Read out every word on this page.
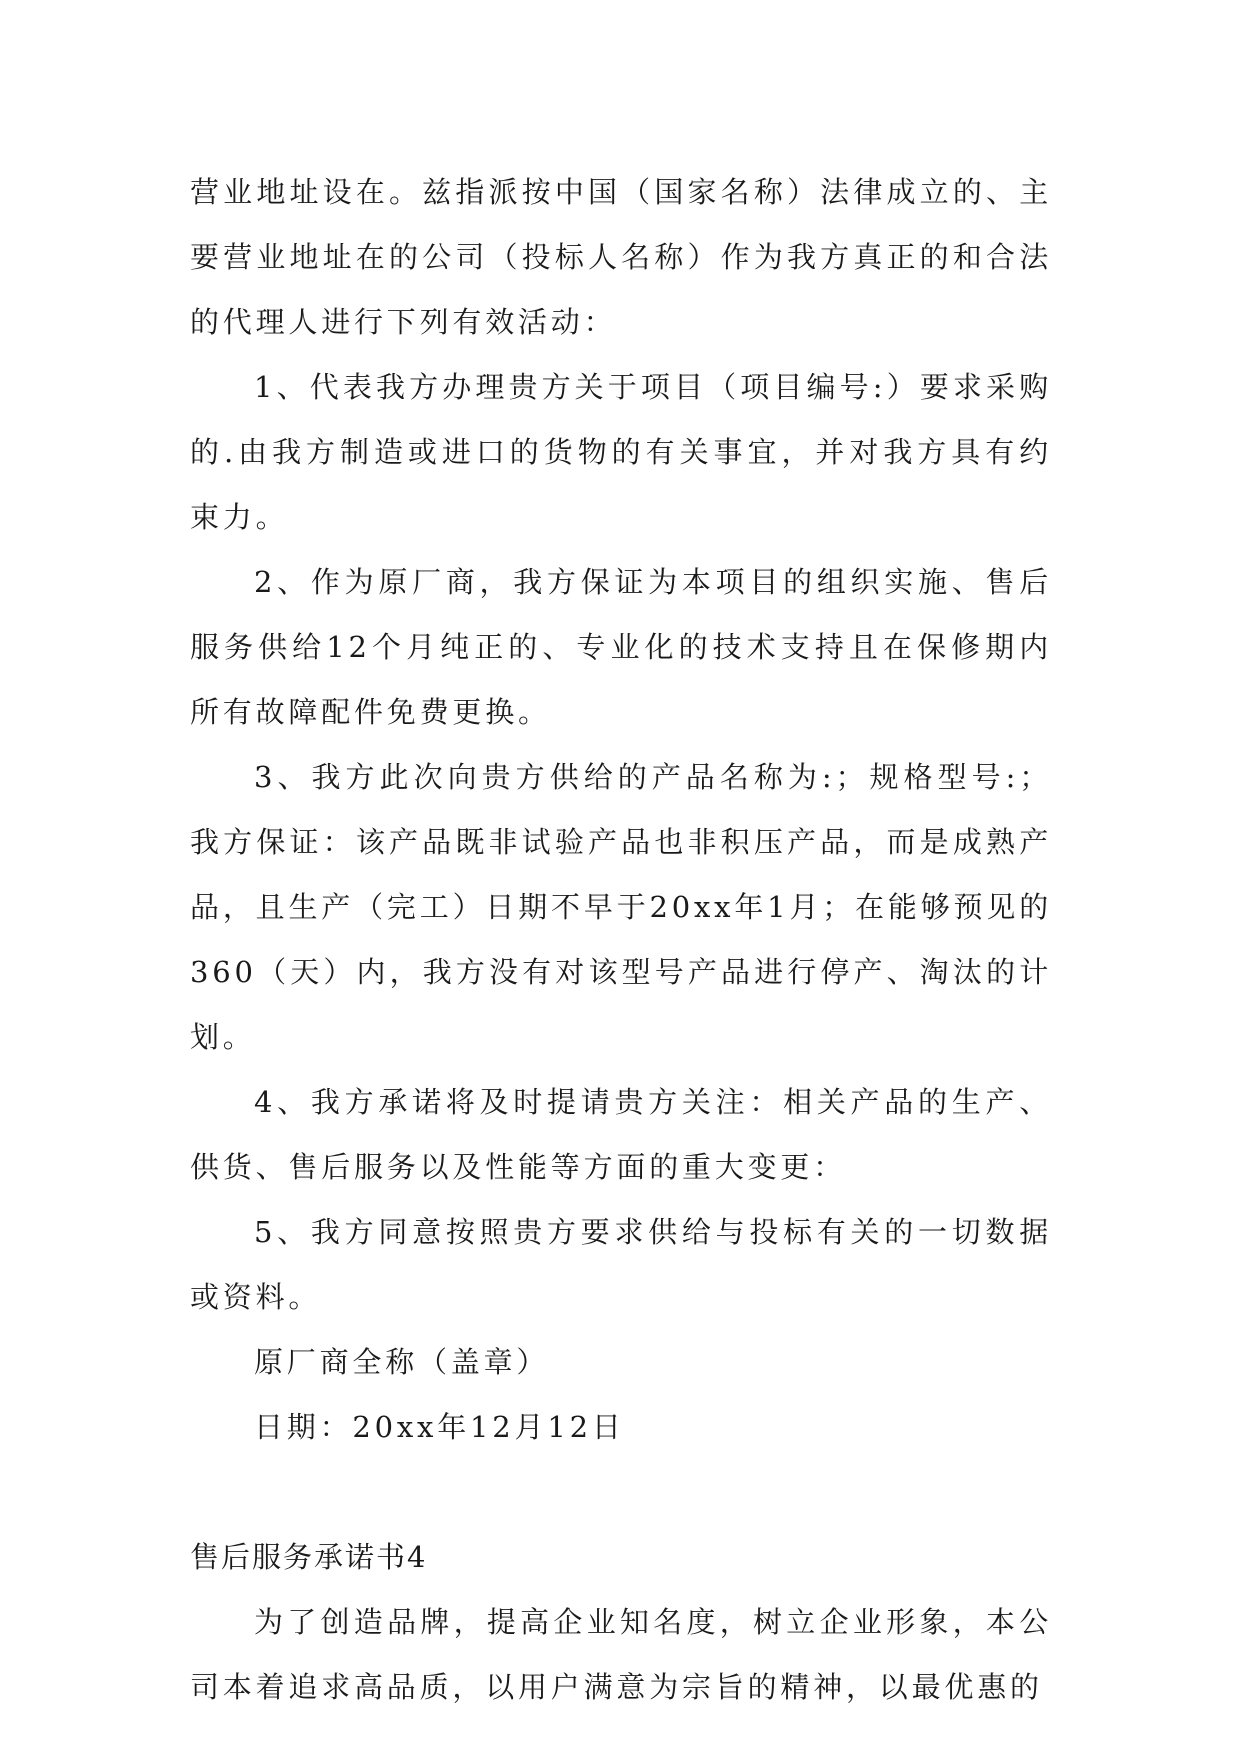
营业地址设在。兹指派按中国（国家名称）法律成立的、主要营业地址在的公司（投标人名称）作为我方真正的和合法的代理人进行下列有效活动：

1、代表我方办理贵方关于项目（项目编号:）要求采购的.由我方制造或进口的货物的有关事宜，并对我方具有约束力。

2、作为原厂商，我方保证为本项目的组织实施、售后服务供给12个月纯正的、专业化的技术支持且在保修期内所有故障配件免费更换。

3、我方此次向贵方供给的产品名称为:；规格型号:；我方保证：该产品既非试验产品也非积压产品，而是成熟产品，且生产（完工）日期不早于20xx年1月；在能够预见的360（天）内，我方没有对该型号产品进行停产、淘汰的计划。

4、我方承诺将及时提请贵方关注：相关产品的生产、供货、售后服务以及性能等方面的重大变更：

5、我方同意按照贵方要求供给与投标有关的一切数据或资料。

原厂商全称（盖章）

日期：20xx年12月12日

售后服务承诺书4

为了创造品牌，提高企业知名度，树立企业形象，本公司本着追求高品质，以用户满意为宗旨的精神，以最优惠的
